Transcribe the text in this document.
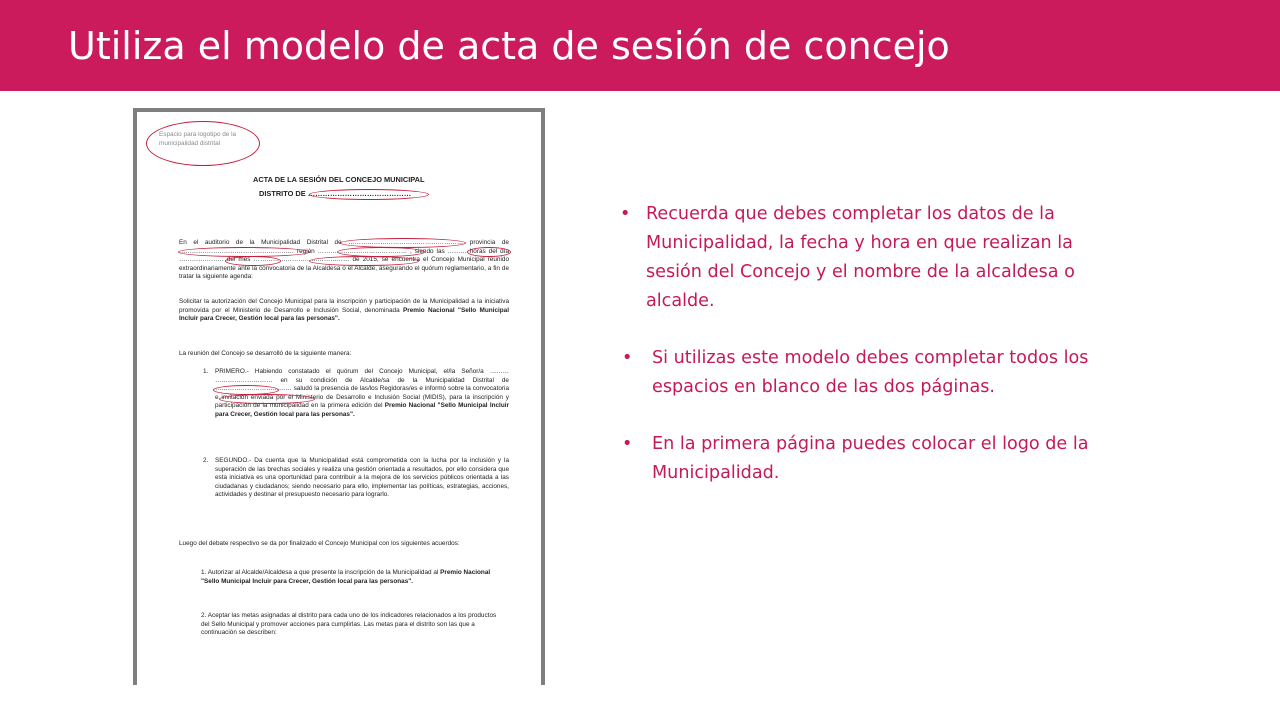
Utiliza el modelo de acta de sesión de concejo

Espacio para logotipo de la municipalidad distrital

ACTA DE LA SESIÓN DEL CONCEJO MUNICIPAL

DISTRITO DE ……………………………………

En el auditorio de la Municipalidad Distrital de ……………………………………………… provincia de ……………………………………………… región …………………………………… , siendo las ……… horas del día ………………… del mes ……………………………………… de 2015, se encuentra el Concejo Municipal reunido extraordinariamente ante la convocatoria de la Alcaldesa o el Alcalde, asegurando el quórum reglamentario, a fin de tratar la siguiente agenda:

Solicitar la autorización del Concejo Municipal para la inscripción y participación de la Municipalidad a la iniciativa promovida por el Ministerio de Desarrollo e Inclusión Social, denominada Premio Nacional "Sello Municipal Incluir para Crecer, Gestión local para las personas".

La reunión del Concejo se desarrolló de la siguiente manera:

1. PRIMERO.- Habiendo constatado el quórum del Concejo Municipal, el/la Señor/a ……… ……………………… en su condición de Alcalde/sa de la Municipalidad Distrital de ……………………………… saludó la presencia de las/los Regidoras/es e informó sobre la convocatoria e invitación enviada por el Ministerio de Desarrollo e Inclusión Social (MIDIS), para la inscripción y participación de la municipalidad en la primera edición del Premio Nacional "Sello Municipal Incluir para Crecer, Gestión local para las personas".

2. SEGUNDO.- Da cuenta que la Municipalidad está comprometida con la lucha por la inclusión y la superación de las brechas sociales y realiza una gestión orientada a resultados, por ello considera que esta iniciativa es una oportunidad para contribuir a la mejora de los servicios públicos orientada a las ciudadanas y ciudadanos; siendo necesario para ello, implementar las políticas, estrategias, acciones, actividades y destinar el presupuesto necesario para lograrlo.

Luego del debate respectivo se da por finalizado el Concejo Municipal con los siguientes acuerdos:

1. Autorizar al Alcalde/Alcaldesa a que presente la inscripción de la Municipalidad al Premio Nacional "Sello Municipal Incluir para Crecer, Gestión local para las personas".

2. Aceptar las metas asignadas al distrito para cada uno de los indicadores relacionados a los productos del Sello Municipal y promover acciones para cumplirlas. Las metas para el distrito son las que a continuación se describen:

• Recuerda que debes completar los datos de la Municipalidad, la fecha y hora en que realizan la sesión del Concejo y el nombre de la alcaldesa o alcalde.
• Si utilizas este modelo debes completar todos los espacios en blanco de las dos páginas.
• En la primera página puedes colocar el logo de la Municipalidad.
